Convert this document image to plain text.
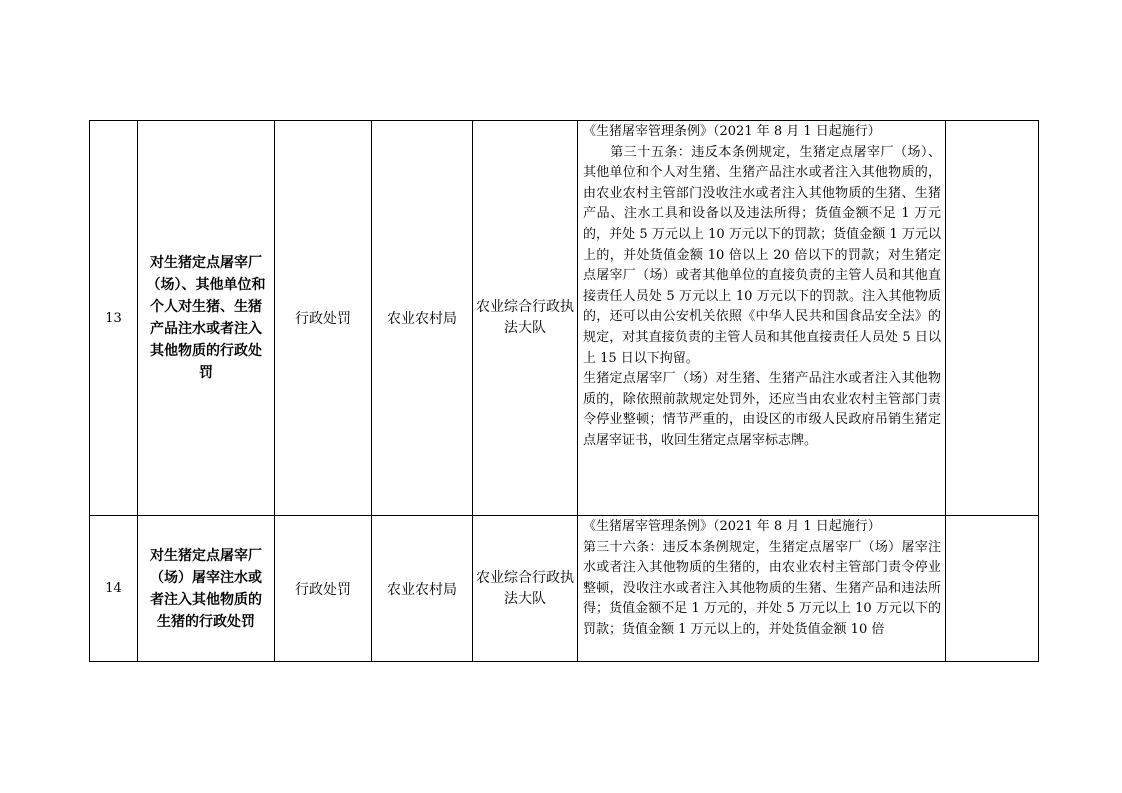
13	对生猪定点屠宰厂（场）、其他单位和个人对生猪、生猪产品注水或者注入其他物质的行政处罚	行政处罚	农业农村局	农业综合行政执法大队	《生猪屠宰管理条例》（2021 年 8 月 1 日起施行）

第三十五条：违反本条例规定，生猪定点屠宰厂（场）、其他单位和个人对生猪、生猪产品注水或者注入其他物质的，由农业农村主管部门没收注水或者注入其他物质的生猪、生猪产品、注水工具和设备以及违法所得；货值金额不足 1 万元的，并处 5 万元以上 10 万元以下的罚款；货值金额 1 万元以上的，并处货值金额 10 倍以上 20 倍以下的罚款；对生猪定点屠宰厂（场）或者其他单位的直接负责的主管人员和其他直接责任人员处 5 万元以上 10 万元以下的罚款。注入其他物质的，还可以由公安机关依照《中华人民共和国食品安全法》的规定，对其直接负责的主管人员和其他直接责任人员处 5 日以上 15 日以下拘留。

生猪定点屠宰厂（场）对生猪、生猪产品注水或者注入其他物质的，除依照前款规定处罚外，还应当由农业农村主管部门责令停业整顿；情节严重的，由设区的市级人民政府吊销生猪定点屠宰证书，收回生猪定点屠宰标志牌。	

14	对生猪定点屠宰厂（场）屠宰注水或者注入其他物质的生猪的行政处罚	行政处罚	农业农村局	农业综合行政执法大队	《生猪屠宰管理条例》（2021 年 8 月 1 日起施行）

第三十六条：违反本条例规定，生猪定点屠宰厂（场）屠宰注水或者注入其他物质的生猪的，由农业农村主管部门责令停业整顿，没收注水或者注入其他物质的生猪、生猪产品和违法所得；货值金额不足 1 万元的，并处 5 万元以上 10 万元以下的罚款；货值金额 1 万元以上的，并处货值金额 10 倍	
